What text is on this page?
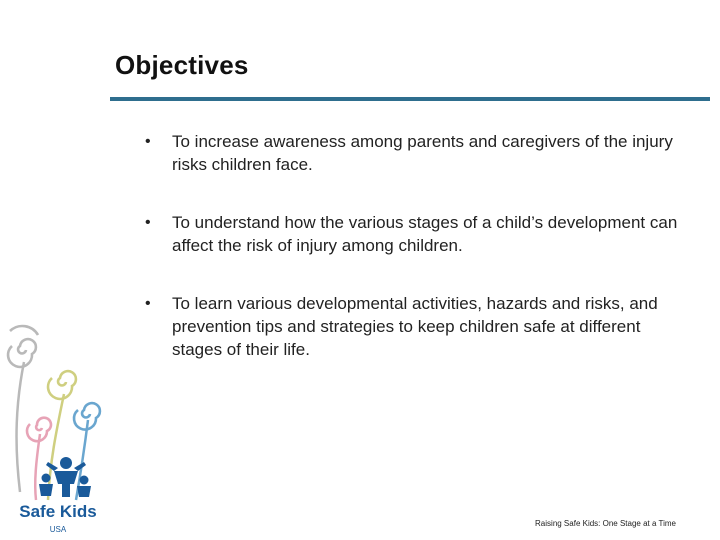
Objectives
• To increase awareness among parents and caregivers of the injury risks children face.
• To understand how the various stages of a child’s development can affect the risk of injury among children.
• To learn various developmental activities, hazards and risks, and prevention tips and strategies to keep children safe at different stages of their life.
Safe Kids
USA
Raising Safe Kids: One Stage at a Time
